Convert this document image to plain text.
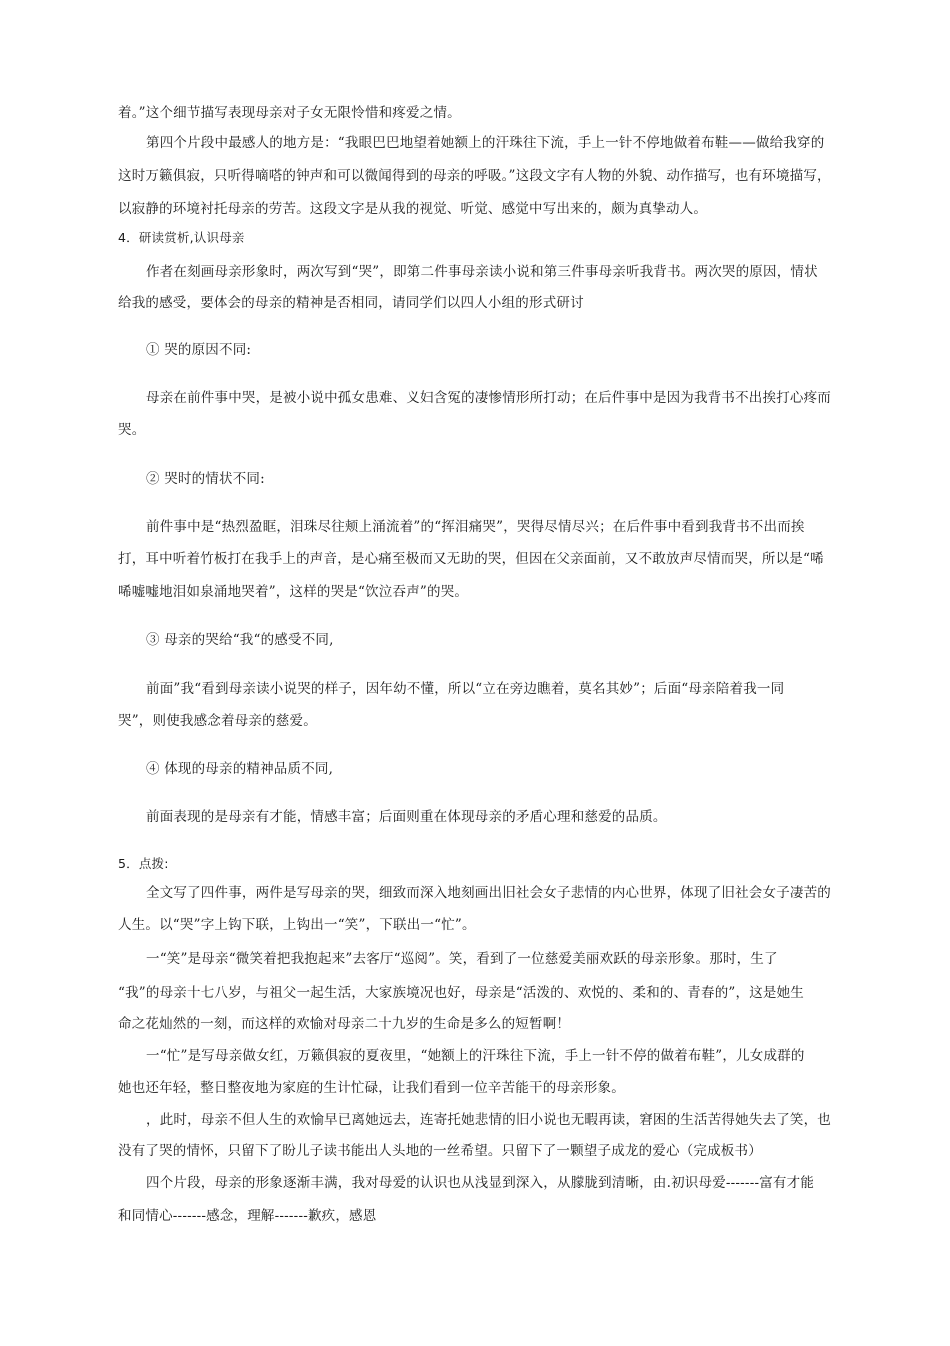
着。”这个细节描写表现母亲对子女无限怜惜和疼爱之情。
第四个片段中最感人的地方是：“我眼巴巴地望着她额上的汗珠往下流，手上一针不停地做着布鞋——做给我穿的
这时万籁俱寂，只听得嘀嗒的钟声和可以微闻得到的母亲的呼吸。”这段文字有人物的外貌、动作描写，也有环境描写，
以寂静的环境衬托母亲的劳苦。这段文字是从我的视觉、听觉、感觉中写出来的，颇为真挚动人。
4．研读赏析,认识母亲
作者在刻画母亲形象时，两次写到“哭”，即第二件事母亲读小说和第三件事母亲听我背书。两次哭的原因，情状
给我的感受，要体会的母亲的精神是否相同，请同学们以四人小组的形式研讨
① 哭的原因不同:
母亲在前件事中哭，是被小说中孤女患难、义妇含冤的凄惨情形所打动；在后件事中是因为我背书不出挨打心疼而
哭。
② 哭时的情状不同:
前件事中是“热烈盈眶，泪珠尽往颊上涌流着”的“挥泪痛哭”，哭得尽情尽兴；在后件事中看到我背书不出而挨
打，耳中听着竹板打在我手上的声音，是心痛至极而又无助的哭，但因在父亲面前，又不敢放声尽情而哭，所以是“唏
唏嘘嘘地泪如泉涌地哭着”，这样的哭是“饮泣吞声”的哭。
③ 母亲的哭给“我“的感受不同,
前面”我“看到母亲读小说哭的样子，因年幼不懂，所以“立在旁边瞧着，莫名其妙”；后面“母亲陪着我一同
哭”，则使我感念着母亲的慈爱。
④ 体现的母亲的精神品质不同,
前面表现的是母亲有才能，情感丰富；后面则重在体现母亲的矛盾心理和慈爱的品质。
5．点拨:
全文写了四件事，两件是写母亲的哭，细致而深入地刻画出旧社会女子悲情的内心世界，体现了旧社会女子凄苦的
人生。以“哭”字上钩下联，上钩出一“笑”，下联出一“忙”。
一“笑”是母亲“微笑着把我抱起来”去客厅“巡阅”。笑，看到了一位慈爱美丽欢跃的母亲形象。那时，生了
“我”的母亲十七八岁，与祖父一起生活，大家族境况也好，母亲是“活泼的、欢悦的、柔和的、青春的”，这是她生
命之花灿然的一刻，而这样的欢愉对母亲二十九岁的生命是多么的短暂啊！
一“忙”是写母亲做女红，万籁俱寂的夏夜里，“她额上的汗珠往下流，手上一针不停的做着布鞋”，儿女成群的
她也还年轻，整日整夜地为家庭的生计忙碌，让我们看到一位辛苦能干的母亲形象。
，此时，母亲不但人生的欢愉早已离她远去，连寄托她悲情的旧小说也无暇再读，窘困的生活苦得她失去了笑，也
没有了哭的情怀，只留下了盼儿子读书能出人头地的一丝希望。只留下了一颗望子成龙的爱心（完成板书）
四个片段，母亲的形象逐渐丰满，我对母爱的认识也从浅显到深入，从朦胧到清晰，由.初识母爱-------富有才能
和同情心-------感念，理解-------歉疚，感恩
